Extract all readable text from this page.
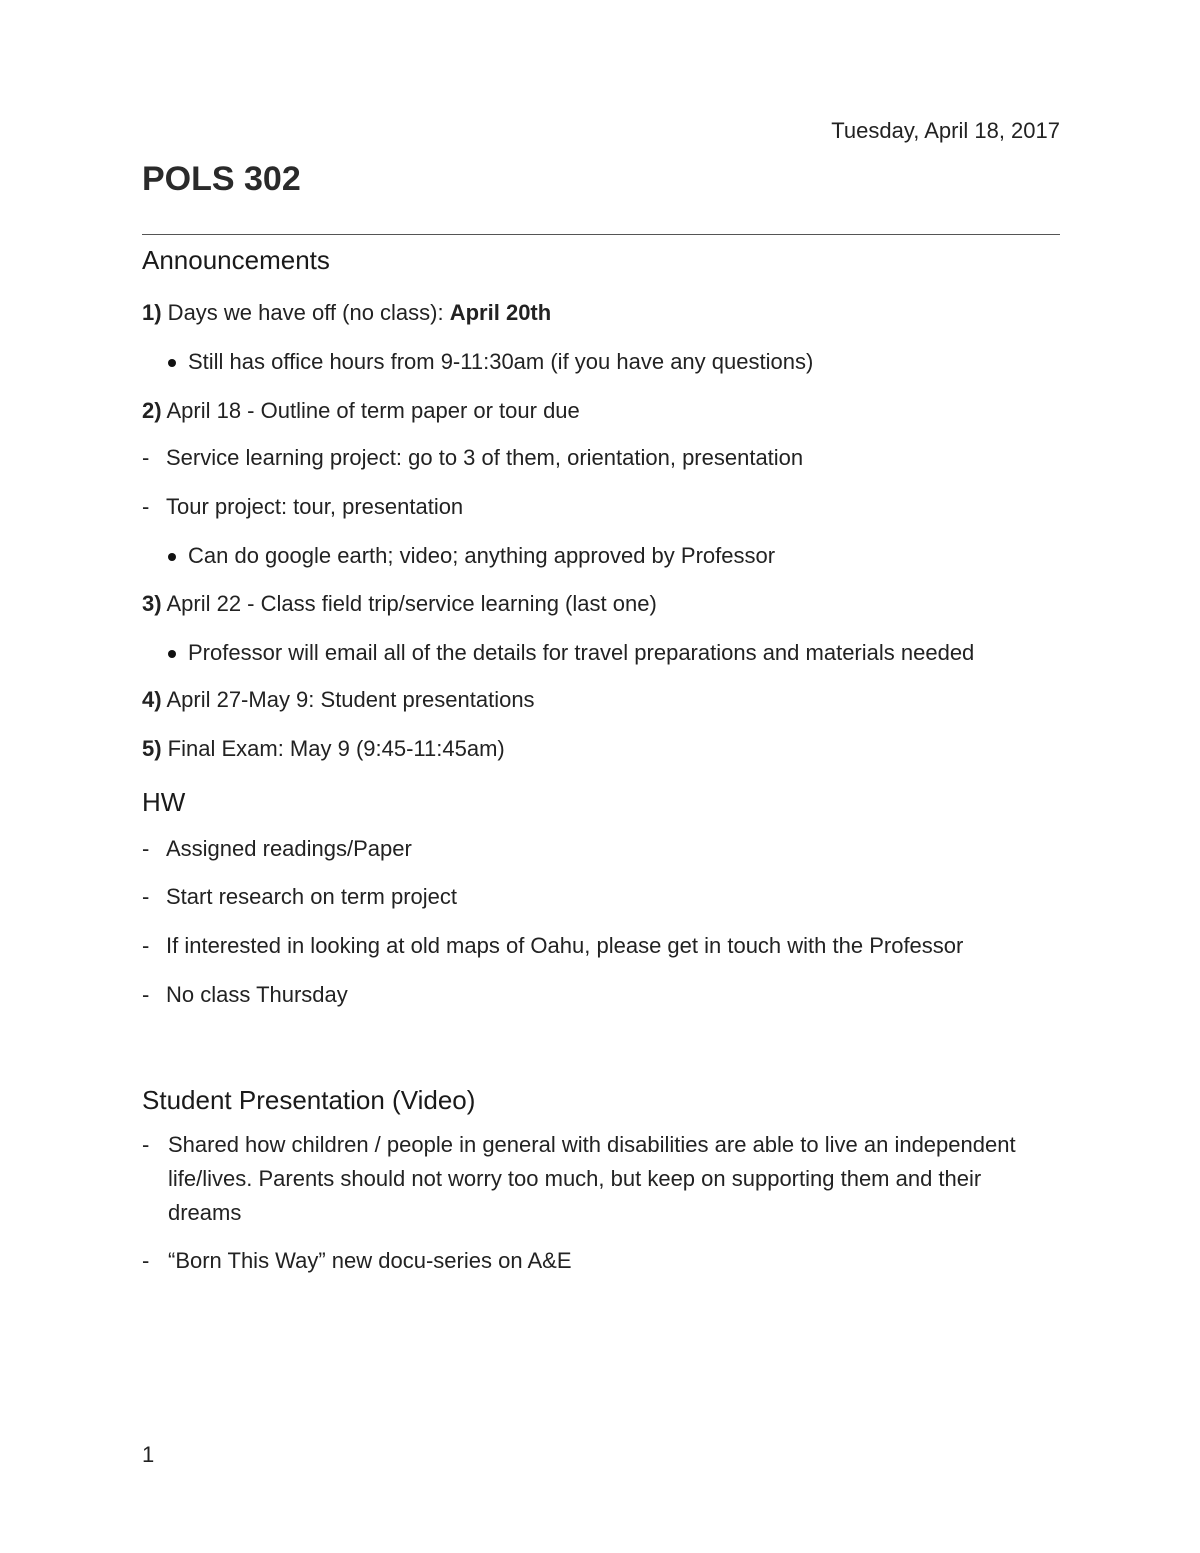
Tuesday, April 18, 2017
POLS 302
Announcements
1) Days we have off (no class): April 20th
Still has office hours from 9-11:30am (if you have any questions)
2) April 18 - Outline of term paper or tour due
- Service learning project: go to 3 of them, orientation, presentation
- Tour project: tour, presentation
Can do google earth; video; anything approved by Professor
3) April 22 - Class field trip/service learning (last one)
Professor will email all of the details for travel preparations and materials needed
4) April 27-May 9: Student presentations
5) Final Exam: May 9 (9:45-11:45am)
HW
- Assigned readings/Paper
- Start research on term project
- If interested in looking at old maps of Oahu, please get in touch with the Professor
- No class Thursday
Student Presentation (Video)
- Shared how children / people in general with disabilities are able to live an independent life/lives. Parents should not worry too much, but keep on supporting them and their dreams
- “Born This Way” new docu-series on A&E
1
